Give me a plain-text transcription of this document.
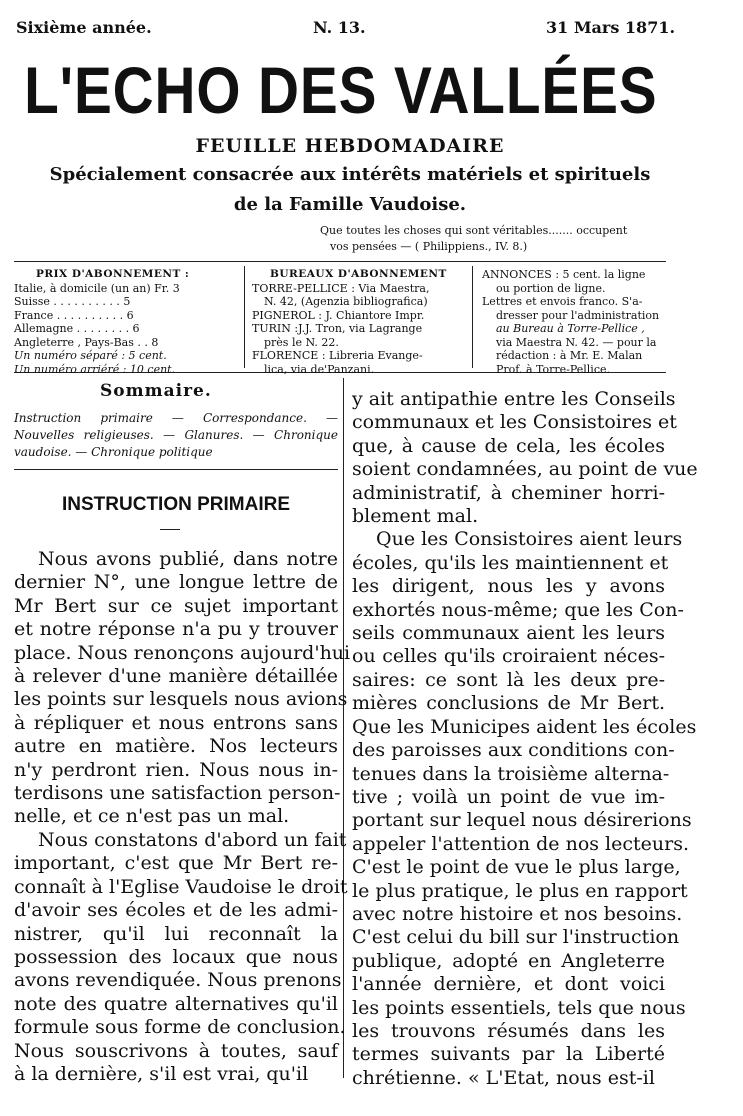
Sixième année.	N. 13.	31 Mars 1871.
L'ECHO DES VALLÉES
FEUILLE HEBDOMADAIRE
Spécialement consacrée aux intérêts matériels et spirituels
de la Famille Vaudoise.
Que toutes les choses qui sont véritables....... occupent
vos pensées — ( Philippiens., IV. 8.)
PRIX D'ABONNEMENT :
Italie, à domicile (un an) Fr. 3
Suisse . . . . . . . . . . 5
France . . . . . . . . . . 6
Allemagne . . . . . . . . 6
Angleterre , Pays-Bas . . 8
Un numéro séparé : 5 cent.
Un numéro arriéré : 10 cent.
BUREAUX D'ABONNEMENT
TORRE-PELLICE : Via Maestra,
N. 42, (Agenzia bibliografica)
PIGNEROL : J. Chiantore Impr.
TURIN :J.J. Tron, via Lagrange
près le N. 22.
FLORENCE : Libreria Evange-
lica, via de'Panzani.
ANNONCES : 5 cent. la ligne
ou portion de ligne.
Lettres et envois franco. S'a-
dresser pour l'administration
au Bureau à Torre-Pellice ,
via Maestra N. 42. — pour la
rédaction : à Mr. E. Malan
Prof. à Torre-Pellice.
Sommaire.
Instruction primaire — Correspondance. — Nouvelles religieuses. — Glanures. — Chronique vaudoise. — Chronique politique
INSTRUCTION PRIMAIRE
Nous avons publié, dans notre
dernier N°, une longue lettre de
Mr Bert sur ce sujet important
et notre réponse n'a pu y trouver
place. Nous renonçons aujourd'hui
à relever d'une manière détaillée
les points sur lesquels nous avions
à répliquer et nous entrons sans
autre en matière. Nos lecteurs
n'y perdront rien. Nous nous in-
terdisons une satisfaction person-
nelle, et ce n'est pas un mal.
Nous constatons d'abord un fait
important, c'est que Mr Bert re-
connaît à l'Eglise Vaudoise le droit
d'avoir ses écoles et de les admi-
nistrer, qu'il lui reconnaît la
possession des locaux que nous
avons revendiquée. Nous prenons
note des quatre alternatives qu'il
formule sous forme de conclusion.
Nous souscrivons à toutes, sauf
à la dernière, s'il est vrai, qu'il
y ait antipathie entre les Conseils
communaux et les Consistoires et
que, à cause de cela, les écoles
soient condamnées, au point de vue
administratif, à cheminer horri-
blement mal.
Que les Consistoires aient leurs
écoles, qu'ils les maintiennent et
les dirigent, nous les y avons
exhortés nous-même; que les Con-
seils communaux aient les leurs
ou celles qu'ils croiraient néces-
saires: ce sont là les deux pre-
mières conclusions de Mr Bert.
Que les Municipes aident les écoles
des paroisses aux conditions con-
tenues dans la troisième alterna-
tive ; voilà un point de vue im-
portant sur lequel nous désirerions
appeler l'attention de nos lecteurs.
C'est le point de vue le plus large,
le plus pratique, le plus en rapport
avec notre histoire et nos besoins.
C'est celui du bill sur l'instruction
publique, adopté en Angleterre
l'année dernière, et dont voici
les points essentiels, tels que nous
les trouvons résumés dans les
termes suivants par la Liberté
chrétienne. « L'Etat, nous est-il
